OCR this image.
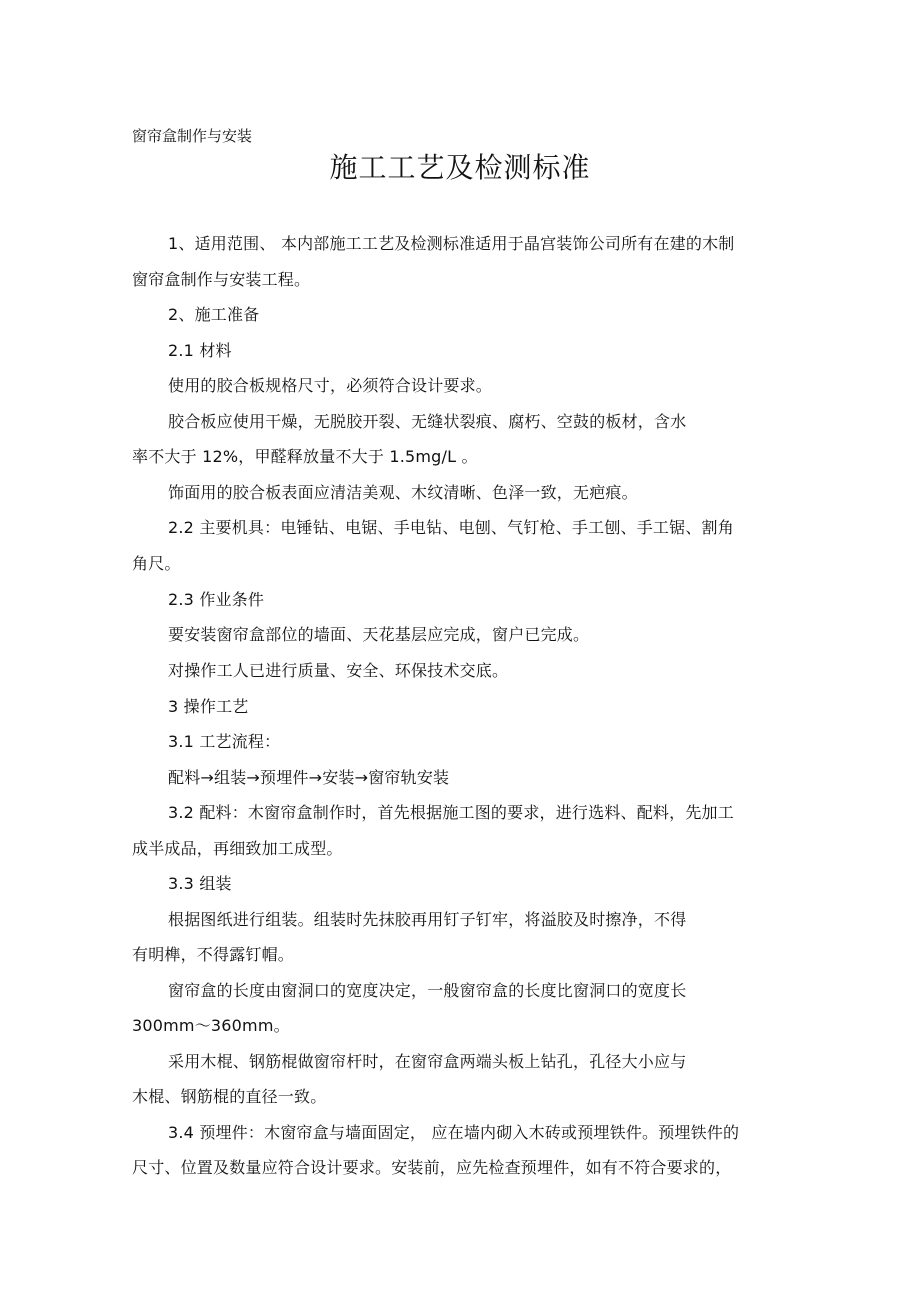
窗帘盒制作与安装
施工工艺及检测标准
1、适用范围、 本内部施工工艺及检测标准适用于晶宫装饰公司所有在建的木制
窗帘盒制作与安装工程。
2、施工准备
2.1 材料
使用的胶合板规格尺寸，必须符合设计要求。
胶合板应使用干燥，无脱胶开裂、无缝状裂痕、腐朽、空鼓的板材，含水
率不大于 12%，甲醛释放量不大于 1.5mg/L 。
饰面用的胶合板表面应清洁美观、木纹清晰、色泽一致，无疤痕。
2.2 主要机具：电锤钻、电锯、手电钻、电刨、气钉枪、手工刨、手工锯、割角
角尺。
2.3 作业条件
要安装窗帘盒部位的墙面、天花基层应完成，窗户已完成。
对操作工人已进行质量、安全、环保技术交底。
3 操作工艺
3.1 工艺流程：
配料→组装→预埋件→安装→窗帘轨安装
3.2 配料：木窗帘盒制作时，首先根据施工图的要求，进行选料、配料，先加工
成半成品，再细致加工成型。
3.3 组装
根据图纸进行组装。组装时先抹胶再用钉子钉牢，将溢胶及时擦净，不得
有明榫，不得露钉帽。
窗帘盒的长度由窗洞口的宽度决定，一般窗帘盒的长度比窗洞口的宽度长
300mm～360mm。
采用木棍、钢筋棍做窗帘杆时，在窗帘盒两端头板上钻孔，孔径大小应与
木棍、钢筋棍的直径一致。
3.4 预埋件：木窗帘盒与墙面固定， 应在墙内砌入木砖或预埋铁件。预埋铁件的
尺寸、位置及数量应符合设计要求。安装前，应先检查预埋件，如有不符合要求的，
